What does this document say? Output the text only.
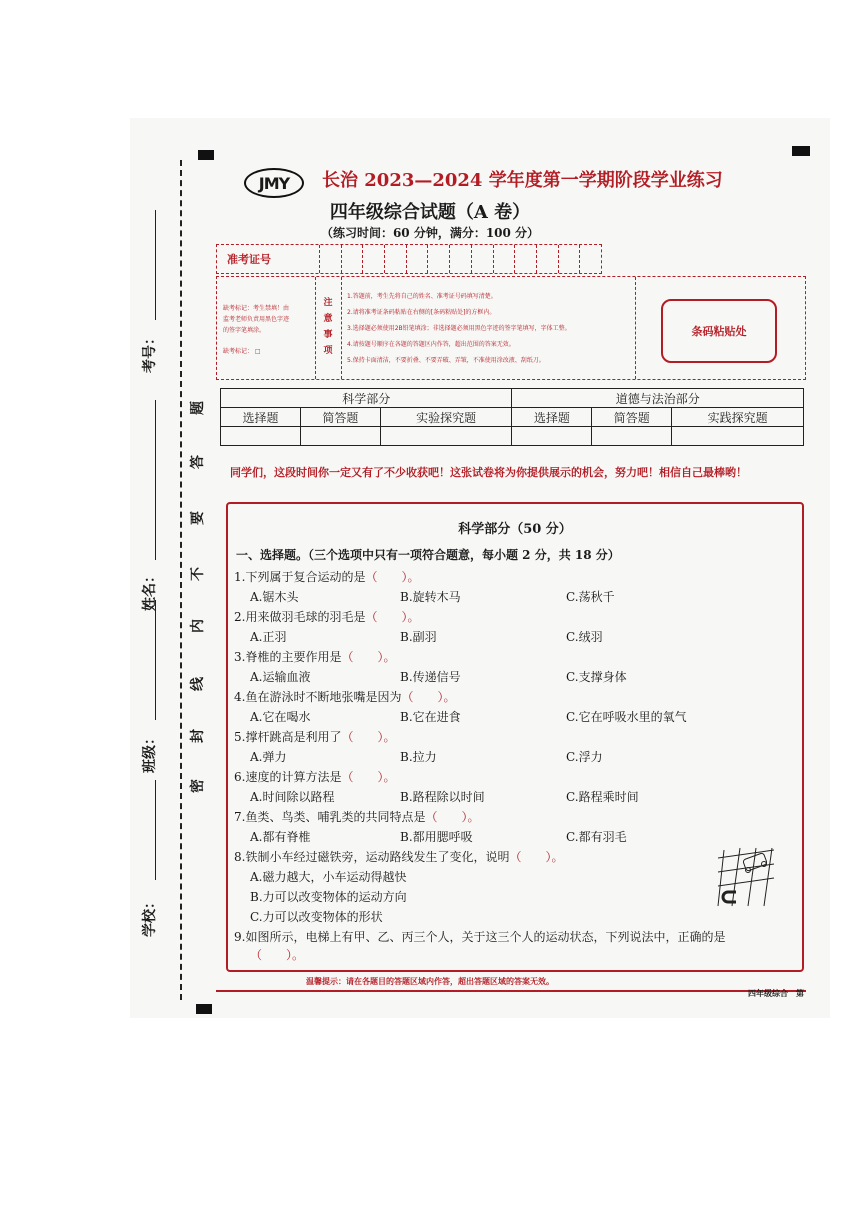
考号：
姓名：
班级：
学校：
题
答
要
不
内
线
封
密
JMY	长治 2023—2024 学年度第一学期阶段学业练习
四年级综合试题（A 卷）
（练习时间：60 分钟，满分：100 分）
准考证号
缺考标记：考生禁填！由
监考老师负责用黑色字迹
的签字笔填涂。
缺考标记： □
注
意
事
项
1.答题前，考生先将自己的姓名、准考证号码填写清楚。
2.请将准考证条码粘贴在右侧的[条码粘贴处]的方框内。
3.选择题必须使用2B铅笔填涂；非选择题必须用黑色字迹的签字笔填写，字体工整。
4.请按题号顺序在各题的答题区内作答，超出范围的答案无效。
5.保持卡面清洁，不要折叠、不要弄破、弄皱，不准使用涂改液、刮纸刀。
条码粘贴处
科学部分			道德与法治部分		
选择题	简答题	实验探究题	选择题	简答题	实践探究题

同学们，这段时间你一定又有了不少收获吧！这张试卷将为你提供展示的机会，努力吧！相信自己最棒哟！
科学部分（50 分）
一、选择题。（三个选项中只有一项符合题意，每小题 2 分，共 18 分）
1.下列属于复合运动的是（　　）。
A.锯木头	B.旋转木马	C.荡秋千
2.用来做羽毛球的羽毛是（　　）。
A.正羽	B.副羽	C.绒羽
3.脊椎的主要作用是（　　）。
A.运输血液	B.传递信号	C.支撑身体
4.鱼在游泳时不断地张嘴是因为（　　）。
A.它在喝水	B.它在进食	C.它在呼吸水里的氧气
5.撑杆跳高是利用了（　　）。
A.弹力	B.拉力	C.浮力
6.速度的计算方法是（　　）。
A.时间除以路程	B.路程除以时间	C.路程乘时间
7.鱼类、鸟类、哺乳类的共同特点是（　　）。
A.都有脊椎	B.都用腮呼吸	C.都有羽毛
8.铁制小车经过磁铁旁，运动路线发生了变化，说明（　　）。
A.磁力越大，小车运动得越快
B.力可以改变物体的运动方向
C.力可以改变物体的形状
9.如图所示，电梯上有甲、乙、丙三个人，关于这三个人的运动状态，下列说法中，正确的是
（　　）。
温馨提示：请在各题目的答题区域内作答，超出答题区域的答案无效。
四年级综合　第
